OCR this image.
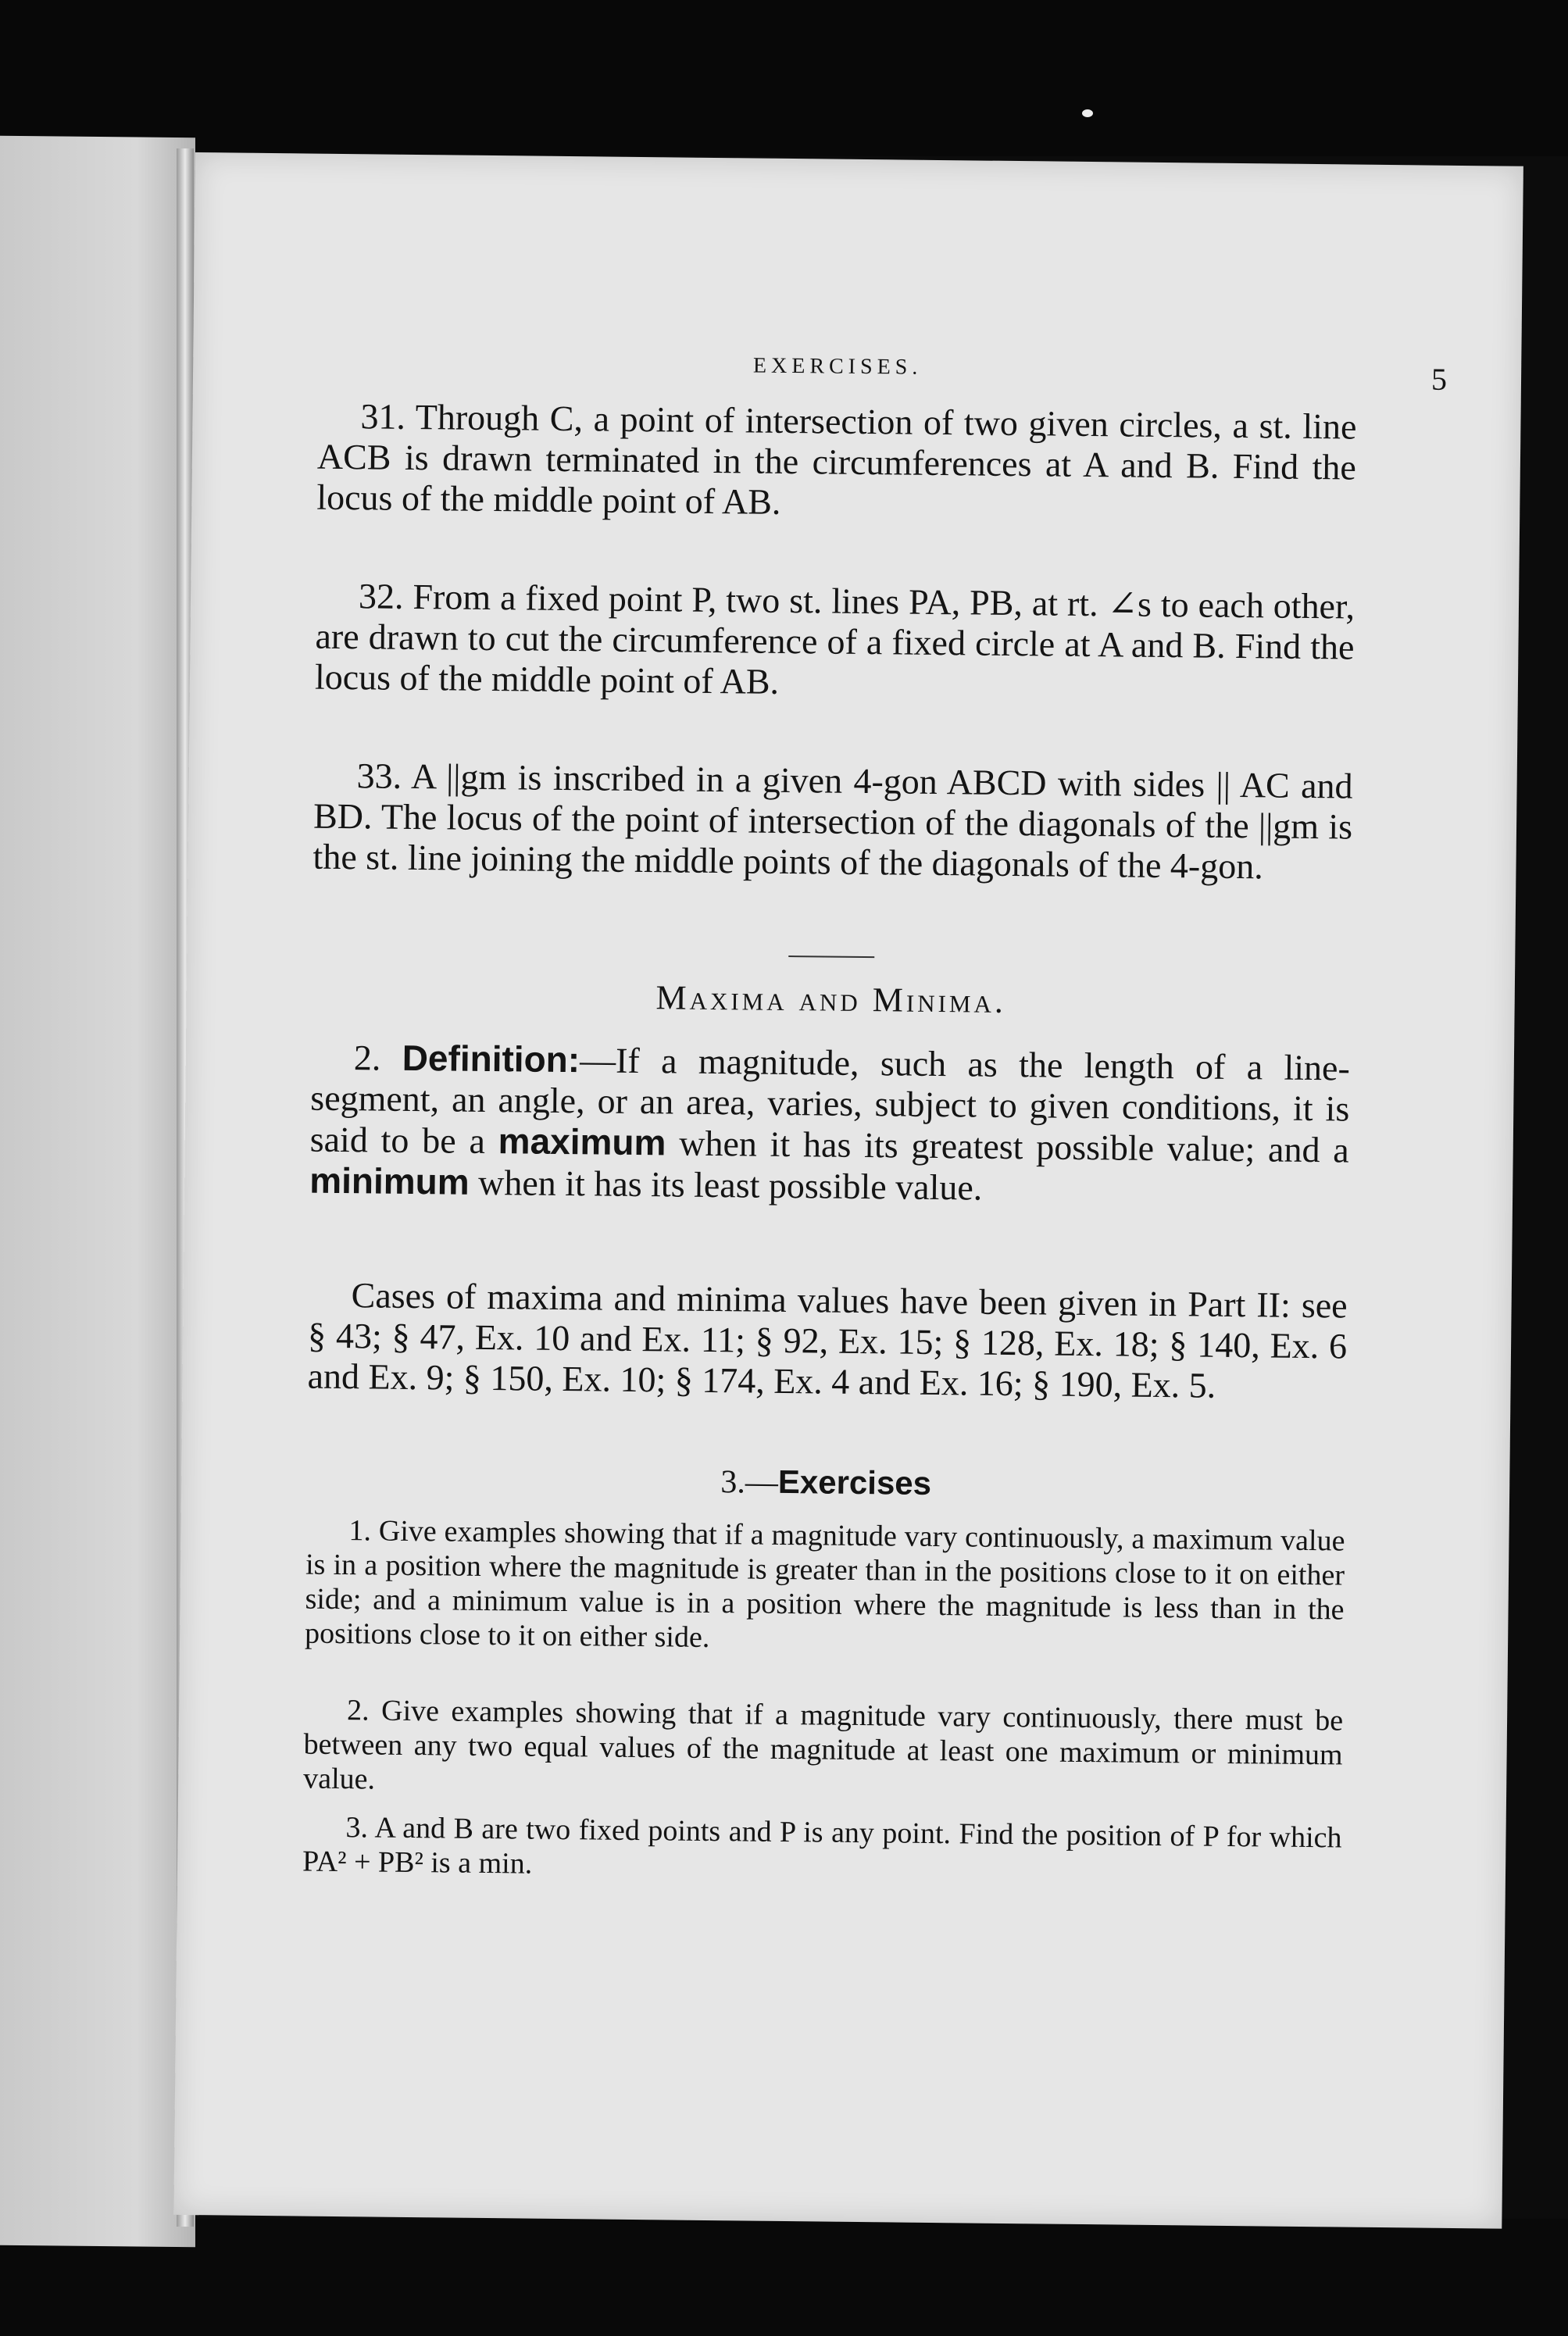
EXERCISES.	5

31. Through C, a point of intersection of two given circles, a st. line ACB is drawn terminated in the circumferences at A and B. Find the locus of the middle point of AB.

32. From a fixed point P, two st. lines PA, PB, at rt. ∠s to each other, are drawn to cut the circumference of a fixed circle at A and B. Find the locus of the middle point of AB.

33. A ||gm is inscribed in a given 4-gon ABCD with sides || AC and BD. The locus of the point of intersection of the diagonals of the ||gm is the st. line joining the middle points of the diagonals of the 4-gon.

Maxima and Minima.

2. Definition:—If a magnitude, such as the length of a line-segment, an angle, or an area, varies, subject to given conditions, it is said to be a maximum when it has its greatest possible value; and a minimum when it has its least possible value.

Cases of maxima and minima values have been given in Part II: see § 43; § 47, Ex. 10 and Ex. 11; § 92, Ex. 15; § 128, Ex. 18; § 140, Ex. 6 and Ex. 9; § 150, Ex. 10; § 174, Ex. 4 and Ex. 16; § 190, Ex. 5.

3.—Exercises

1. Give examples showing that if a magnitude vary continuously, a maximum value is in a position where the magnitude is greater than in the positions close to it on either side; and a minimum value is in a position where the magnitude is less than in the positions close to it on either side.

2. Give examples showing that if a magnitude vary continuously, there must be between any two equal values of the magnitude at least one maximum or minimum value.

3. A and B are two fixed points and P is any point. Find the position of P for which PA² + PB² is a min.
